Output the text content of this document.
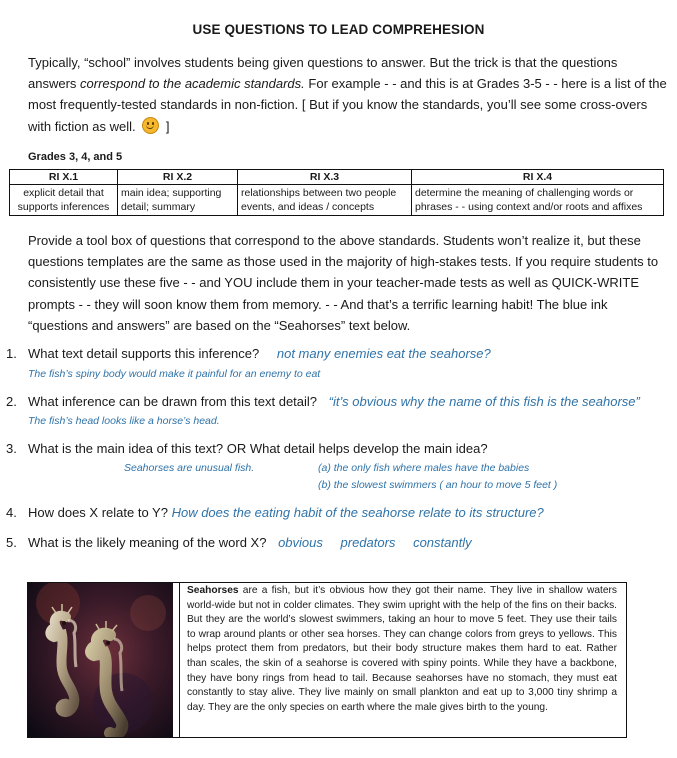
USE QUESTIONS TO LEAD COMPREHESION

Typically, “school” involves students being given questions to answer. But the trick is that the questions answers correspond to the academic standards. For example - - and this is at Grades 3-5 - - here is a list of the most frequently-tested standards in non-fiction. [ But if you know the standards, you’ll see some cross-overs with fiction as well.
]

Grades 3, 4, and 5
RI X.1	RI X.2	RI X.3	RI X.4
explicit detail that supports inferences	main idea; supporting detail; summary	relationships between two people events, and ideas / concepts	determine the meaning of challenging words or phrases - - using context and/or roots and affixes

Provide a tool box of questions that correspond to the above standards. Students won’t realize it, but these questions templates are the same as those used in the majority of high-stakes tests. If you require students to consistently use these five - - and YOU include them in your teacher-made tests as well as QUICK-WRITE prompts - - they will soon know them from memory. - - And that’s a terrific learning habit! The blue ink “questions and answers” are based on the “Seahorses” text below.

1. What text detail supports this inference? not many enemies eat the seahorse?
The fish’s spiny body would make it painful for an enemy to eat
2. What inference can be drawn from this text detail? “it’s obvious why the name of this fish is the seahorse”
The fish’s head looks like a horse’s head.
3. What is the main idea of this text? OR What detail helps develop the main idea?
Seahorses are unusual fish.	(a) the only fish where males have the babies
(b) the slowest swimmers ( an hour to move 5 feet )
4. How does X relate to Y? How does the eating habit of the seahorse relate to its structure?
5. What is the likely meaning of the word X? obvious predators constantly
Seahorses are a fish, but it’s obvious how they got their name. They live in shallow waters world-wide but not in colder climates. They swim upright with the help of the fins on their backs. But they are the world’s slowest swimmers, taking an hour to move 5 feet. They use their tails to wrap around plants or other sea horses. They can change colors from greys to yellows. This helps protect them from predators, but their body structure makes them hard to eat. Rather than scales, the skin of a seahorse is covered with spiny points. While they have a backbone, they have bony rings from head to tail. Because seahorses have no stomach, they must eat constantly to stay alive. They live mainly on small plankton and eat up to 3,000 tiny shrimp a day. They are the only species on earth where the male gives birth to the young.
